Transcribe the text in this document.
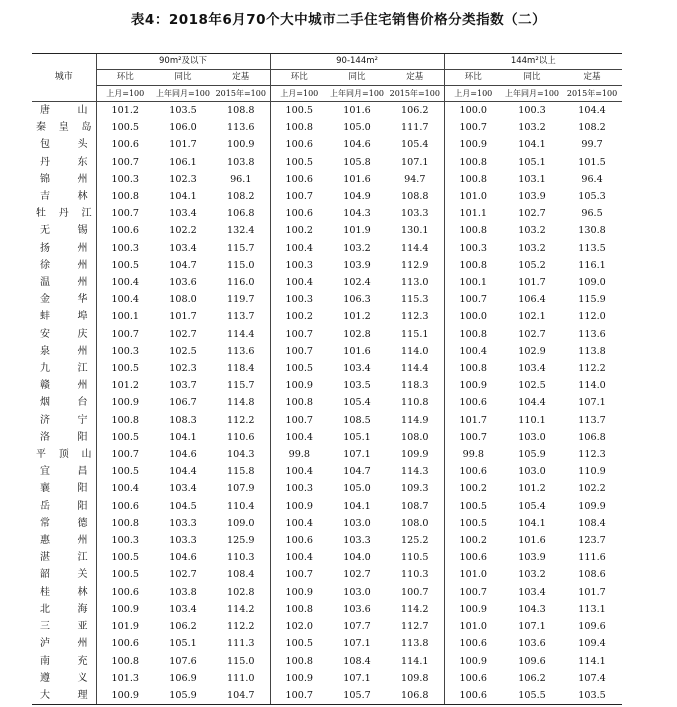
表4：2018年6月70个大中城市二手住宅销售价格分类指数（二）
城市	90m²及以下			90-144m²			144m²以上		
	环比	同比	定基	环比	同比	定基	环比	同比	定基
	上月=100	上年同月=100	2015年=100	上月=100	上年同月=100	2015年=100	上月=100	上年同月=100	2015年=100

唐 山	101.2	103.5	108.8	100.5	101.6	106.2	100.0	100.3	104.4

秦 皇 岛	100.5	106.0	113.6	100.8	105.0	111.7	100.7	103.2	108.2

包 头	100.6	101.7	100.9	100.6	104.6	105.4	100.9	104.1	99.7

丹 东	100.7	106.1	103.8	100.5	105.8	107.1	100.8	105.1	101.5

锦 州	100.3	102.3	96.1	100.6	101.6	94.7	100.8	103.1	96.4

吉 林	100.8	104.1	108.2	100.7	104.9	108.8	101.0	103.9	105.3

牡 丹 江	100.7	103.4	106.8	100.6	104.3	103.3	101.1	102.7	96.5

无 锡	100.6	102.2	132.4	100.2	101.9	130.1	100.8	103.2	130.8

扬 州	100.3	103.4	115.7	100.4	103.2	114.4	100.3	103.2	113.5

徐 州	100.5	104.7	115.0	100.3	103.9	112.9	100.8	105.2	116.1

温 州	100.4	103.6	116.0	100.4	102.4	113.0	100.1	101.7	109.0

金 华	100.4	108.0	119.7	100.3	106.3	115.3	100.7	106.4	115.9

蚌 埠	100.1	101.7	113.7	100.2	101.2	112.3	100.0	102.1	112.0

安 庆	100.7	102.7	114.4	100.7	102.8	115.1	100.8	102.7	113.6

泉 州	100.3	102.5	113.6	100.7	101.6	114.0	100.4	102.9	113.8

九 江	100.5	102.3	118.4	100.5	103.4	114.4	100.8	103.4	112.2

赣 州	101.2	103.7	115.7	100.9	103.5	118.3	100.9	102.5	114.0

烟 台	100.9	106.7	114.8	100.8	105.4	110.8	100.6	104.4	107.1

济 宁	100.8	108.3	112.2	100.7	108.5	114.9	101.7	110.1	113.7

洛 阳	100.5	104.1	110.6	100.4	105.1	108.0	100.7	103.0	106.8

平 顶 山	100.7	104.6	104.3	99.8	107.1	109.9	99.8	105.9	112.3

宜 昌	100.5	104.4	115.8	100.4	104.7	114.3	100.6	103.0	110.9

襄 阳	100.4	103.4	107.9	100.3	105.0	109.3	100.2	101.2	102.2

岳 阳	100.6	104.5	110.4	100.9	104.1	108.7	100.5	105.4	109.9

常 德	100.8	103.3	109.0	100.4	103.0	108.0	100.5	104.1	108.4

惠 州	100.3	103.3	125.9	100.6	103.3	125.2	100.2	101.6	123.7

湛 江	100.5	104.6	110.3	100.4	104.0	110.5	100.6	103.9	111.6

韶 关	100.5	102.7	108.4	100.7	102.7	110.3	101.0	103.2	108.6

桂 林	100.6	103.8	102.8	100.9	103.0	100.7	100.7	103.4	101.7

北 海	100.9	103.4	114.2	100.8	103.6	114.2	100.9	104.3	113.1

三 亚	101.9	106.2	112.2	102.0	107.7	112.7	101.0	107.1	109.6

泸 州	100.6	105.1	111.3	100.5	107.1	113.8	100.6	103.6	109.4

南 充	100.8	107.6	115.0	100.8	108.4	114.1	100.9	109.6	114.1

遵 义	101.3	106.9	111.0	100.9	107.1	109.8	100.6	106.2	107.4

大 理	100.9	105.9	104.7	100.7	105.7	106.8	100.6	105.5	103.5
